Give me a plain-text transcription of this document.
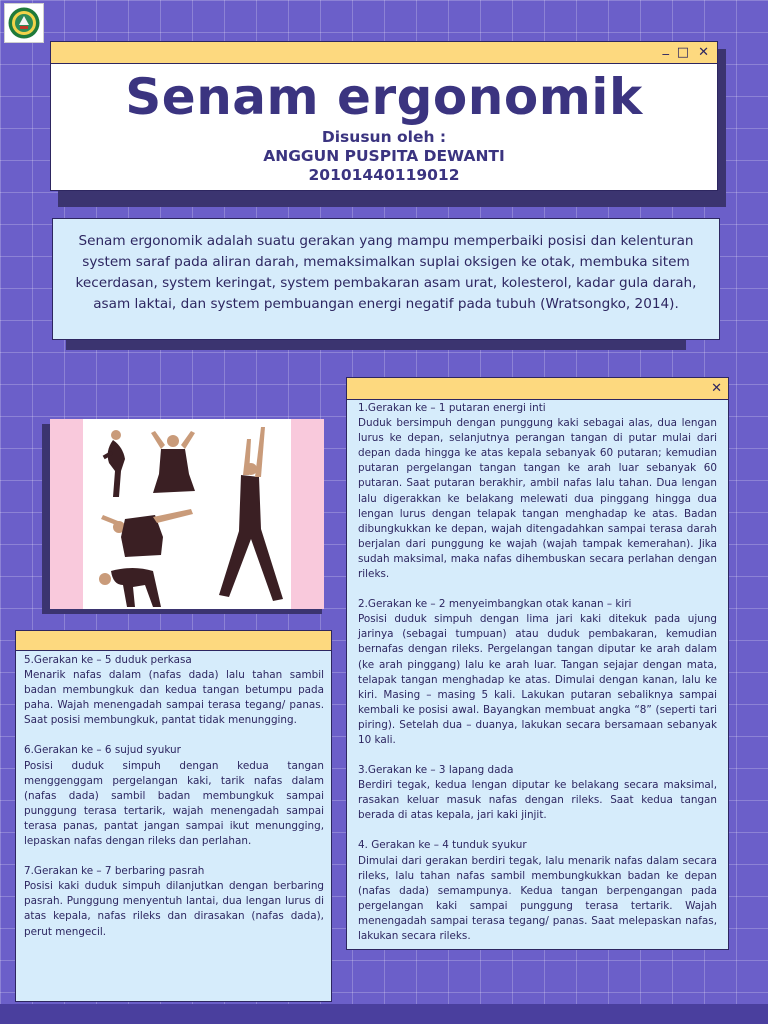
_ □ ✕
Senam ergonomik
Disusun oleh :
ANGGUN PUSPITA DEWANTI
20101440119012
Senam ergonomik adalah suatu gerakan yang mampu memperbaiki posisi dan kelenturan system saraf pada aliran darah, memaksimalkan suplai oksigen ke otak, membuka sitem kecerdasan, system keringat, system pembakaran asam urat, kolesterol, kadar gula darah, asam laktai, dan system pembuangan energi negatif pada tubuh (Wratsongko, 2014).
✕
1.Gerakan ke – 1 putaran energi inti
Duduk bersimpuh dengan punggung kaki sebagai alas, dua lengan lurus ke depan, selanjutnya perangan tangan di putar mulai dari depan dada hingga ke atas kepala sebanyak 60 putaran; kemudian putaran pergelangan tangan tangan ke arah luar sebanyak 60 putaran. Saat putaran berakhir, ambil nafas lalu tahan. Dua lengan lalu digerakkan ke belakang melewati dua pinggang hingga dua lengan lurus dengan telapak tangan menghadap ke atas. Badan dibungkukkan ke depan, wajah ditengadahkan sampai terasa darah berjalan dari punggung ke wajah (wajah tampak kemerahan). Jika sudah maksimal, maka nafas dihembuskan secara perlahan dengan rileks.
2.Gerakan ke – 2 menyeimbangkan otak kanan – kiri
Posisi duduk simpuh dengan lima jari kaki ditekuk pada ujung jarinya (sebagai tumpuan) atau duduk pembakaran, kemudian bernafas dengan rileks. Pergelangan tangan diputar ke arah dalam (ke arah pinggang) lalu ke arah luar. Tangan sejajar dengan mata, telapak tangan menghadap ke atas. Dimulai dengan kanan, lalu ke kiri. Masing – masing 5 kali. Lakukan putaran sebaliknya sampai kembali ke posisi awal. Bayangkan membuat angka “8” (seperti tari piring). Setelah dua – duanya, lakukan secara bersamaan sebanyak 10 kali.
3.Gerakan ke – 3 lapang dada
Berdiri tegak, kedua lengan diputar ke belakang secara maksimal, rasakan keluar masuk nafas dengan rileks. Saat kedua tangan berada di atas kepala, jari kaki jinjit.
4. Gerakan ke – 4 tunduk syukur
Dimulai dari gerakan berdiri tegak, lalu menarik nafas dalam secara rileks, lalu tahan nafas sambil membungkukkan badan ke depan (nafas dada) semampunya. Kedua tangan berpengangan pada pergelangan kaki sampai punggung terasa tertarik. Wajah menengadah sampai terasa tegang/ panas. Saat melepaskan nafas, lakukan secara rileks.
5.Gerakan ke – 5 duduk perkasa
Menarik nafas dalam (nafas dada) lalu tahan sambil badan membungkuk dan kedua tangan betumpu pada paha. Wajah menengadah sampai terasa tegang/ panas. Saat posisi membungkuk, pantat tidak menungging.
6.Gerakan ke – 6 sujud syukur
Posisi duduk simpuh dengan kedua tangan menggenggam pergelangan kaki, tarik nafas dalam (nafas dada) sambil badan membungkuk sampai punggung terasa tertarik, wajah menengadah sampai terasa panas, pantat jangan sampai ikut menungging, lepaskan nafas dengan rileks dan perlahan.
7.Gerakan ke – 7 berbaring pasrah
Posisi kaki duduk simpuh dilanjutkan dengan berbaring pasrah. Punggung menyentuh lantai, dua lengan lurus di atas kepala, nafas rileks dan dirasakan (nafas dada), perut mengecil.
